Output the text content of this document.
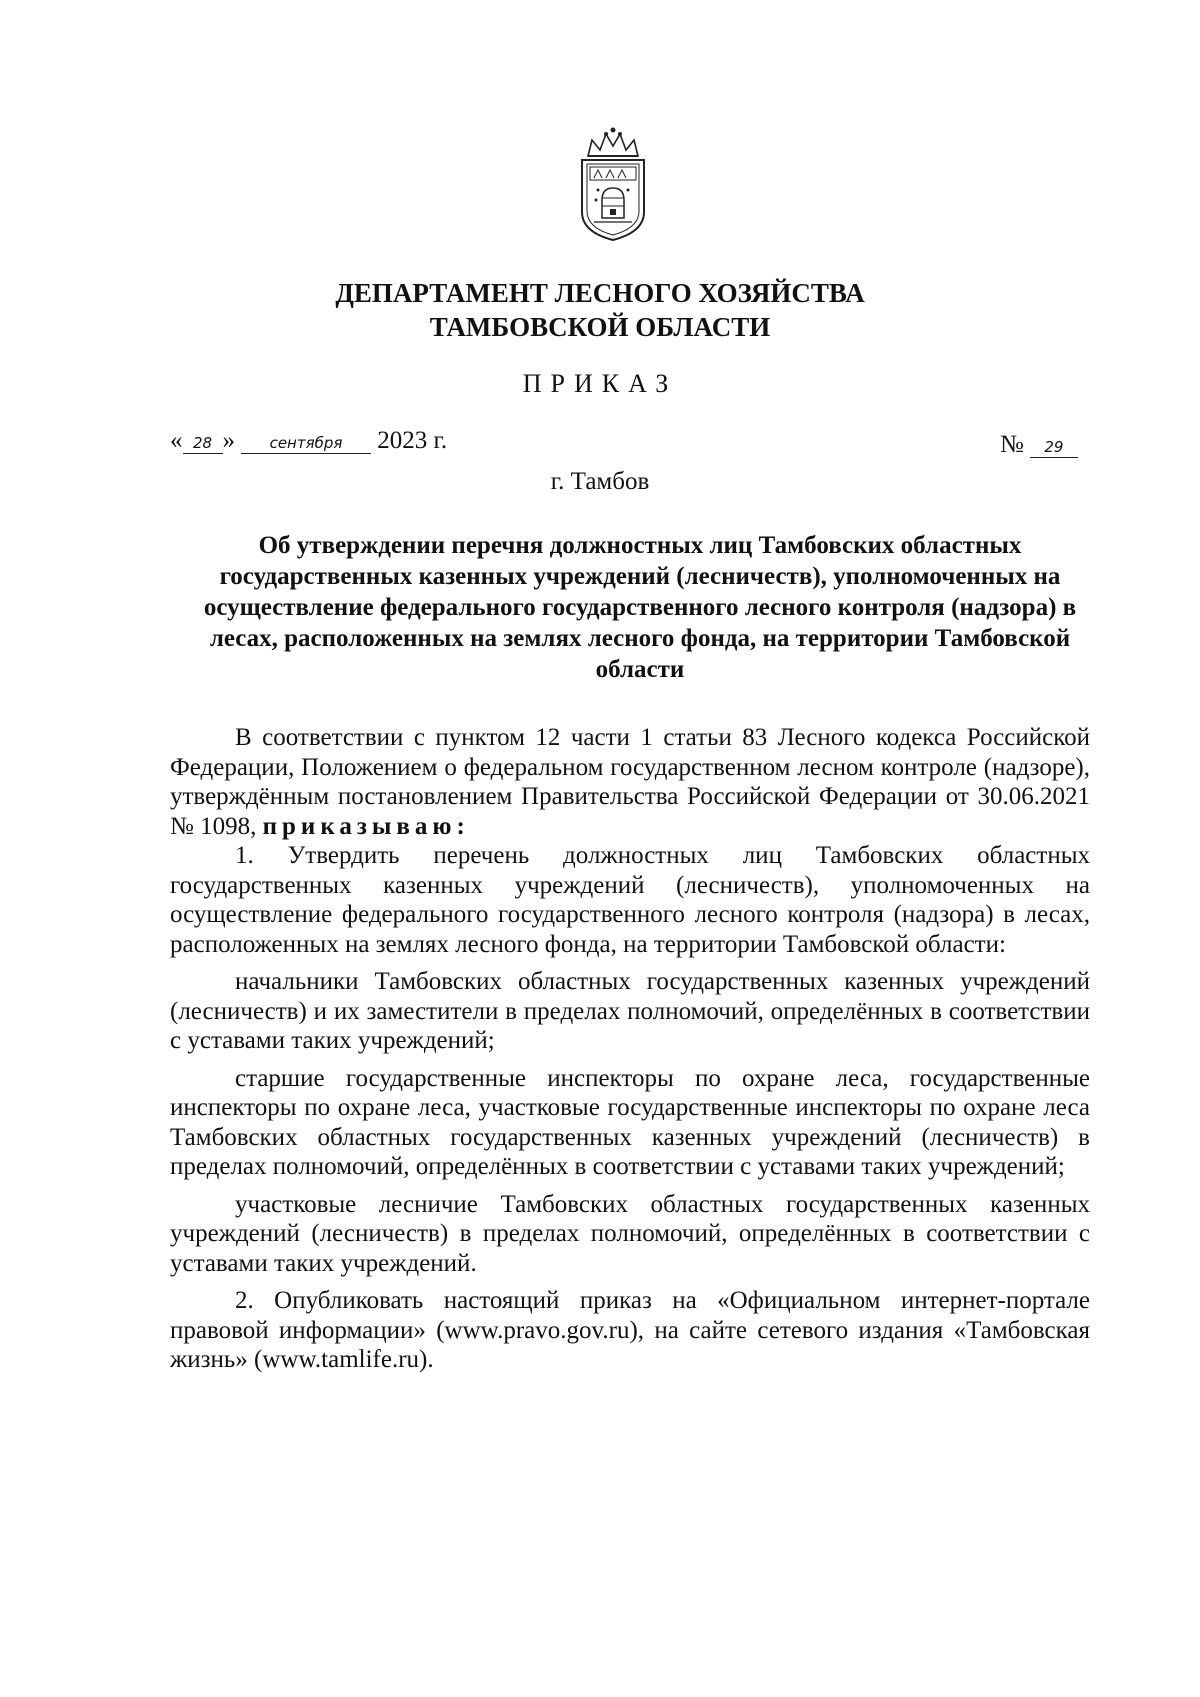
ДЕПАРТАМЕНТ ЛЕСНОГО ХОЗЯЙСТВА
ТАМБОВСКОЙ ОБЛАСТИ
ПРИКАЗ
« 28 » сентября 2023 г.	№ 29
г. Тамбов
Об утверждении перечня должностных лиц Тамбовских областных государственных казенных учреждений (лесничеств), уполномоченных на осуществление федерального государственного лесного контроля (надзора) в лесах, расположенных на землях лесного фонда, на территории Тамбовской области

В соответствии с пунктом 12 части 1 статьи 83 Лесного кодекса Российской Федерации, Положением о федеральном государственном лесном контроле (надзоре), утверждённым постановлением Правительства Российской Федерации от 30.06.2021 № 1098, приказываю:

1. Утвердить перечень должностных лиц Тамбовских областных государственных казенных учреждений (лесничеств), уполномоченных на осуществление федерального государственного лесного контроля (надзора) в лесах, расположенных на землях лесного фонда, на территории Тамбовской области:

начальники Тамбовских областных государственных казенных учреждений (лесничеств) и их заместители в пределах полномочий, определённых в соответствии с уставами таких учреждений;

старшие государственные инспекторы по охране леса, государственные инспекторы по охране леса, участковые государственные инспекторы по охране леса Тамбовских областных государственных казенных учреждений (лесничеств) в пределах полномочий, определённых в соответствии с уставами таких учреждений;

участковые лесничие Тамбовских областных государственных казенных учреждений (лесничеств) в пределах полномочий, определённых в соответствии с уставами таких учреждений.

2. Опубликовать настоящий приказ на «Официальном интернет-портале правовой информации» (www.pravo.gov.ru), на сайте сетевого издания «Тамбовская жизнь» (www.tamlife.ru).
